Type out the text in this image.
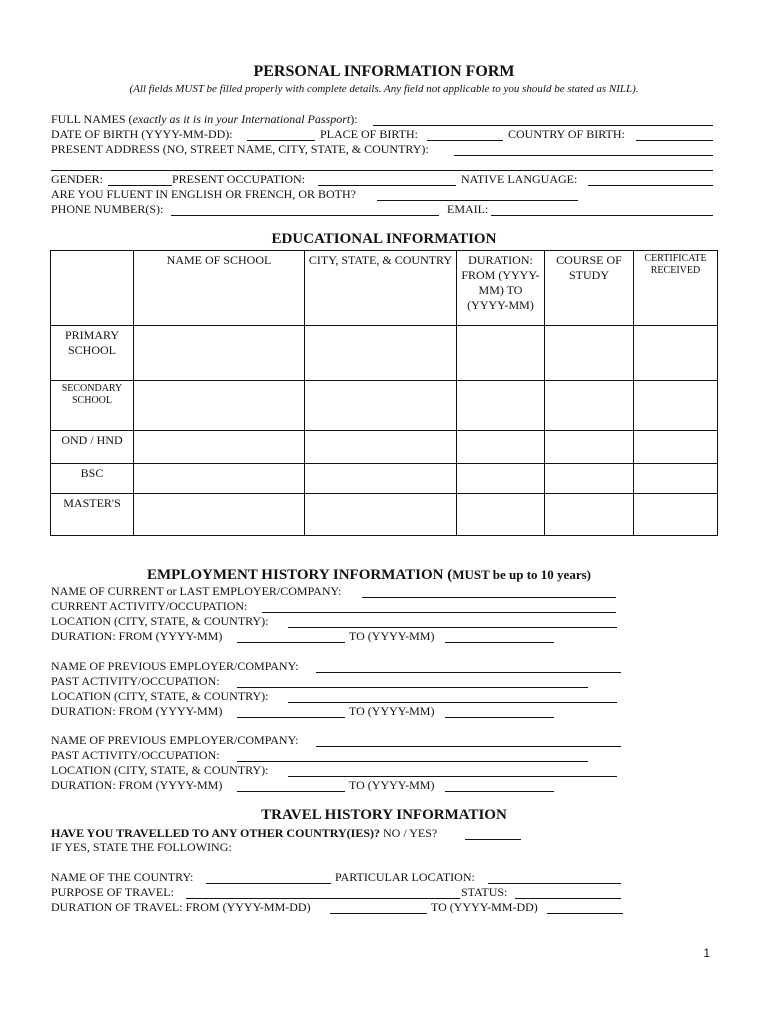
PERSONAL INFORMATION FORM
(All fields MUST be filled properly with complete details. Any field not applicable to you should be stated as NILL).
FULL NAMES (exactly as it is in your International Passport):
DATE OF BIRTH (YYYY-MM-DD):	PLACE OF BIRTH:	COUNTRY OF BIRTH:
PRESENT ADDRESS (NO, STREET NAME, CITY, STATE, & COUNTRY):
GENDER:	PRESENT OCCUPATION:	NATIVE LANGUAGE:
ARE YOU FLUENT IN ENGLISH OR FRENCH, OR BOTH?
PHONE NUMBER(S):	EMAIL:
EDUCATIONAL INFORMATION
	NAME OF SCHOOL	CITY, STATE, & COUNTRY	DURATION: FROM (YYYY-MM) TO (YYYY-MM)	COURSE OF STUDY	CERTIFICATE RECEIVED
PRIMARY SCHOOL					
SECONDARY SCHOOL					
OND / HND					
BSC					
MASTER'S					
EMPLOYMENT HISTORY INFORMATION (MUST be up to 10 years)
NAME OF CURRENT or LAST EMPLOYER/COMPANY:
CURRENT ACTIVITY/OCCUPATION:
LOCATION (CITY, STATE, & COUNTRY):
DURATION: FROM (YYYY-MM)	TO (YYYY-MM)
NAME OF PREVIOUS EMPLOYER/COMPANY:
PAST ACTIVITY/OCCUPATION:
LOCATION (CITY, STATE, & COUNTRY):
DURATION: FROM (YYYY-MM)	TO (YYYY-MM)
NAME OF PREVIOUS EMPLOYER/COMPANY:
PAST ACTIVITY/OCCUPATION:
LOCATION (CITY, STATE, & COUNTRY):
DURATION: FROM (YYYY-MM)	TO (YYYY-MM)
TRAVEL HISTORY INFORMATION
HAVE YOU TRAVELLED TO ANY OTHER COUNTRY(IES)? NO / YES?
IF YES, STATE THE FOLLOWING:
NAME OF THE COUNTRY:	PARTICULAR LOCATION:
PURPOSE OF TRAVEL:	STATUS:
DURATION OF TRAVEL: FROM (YYYY-MM-DD)	TO (YYYY-MM-DD)
1
